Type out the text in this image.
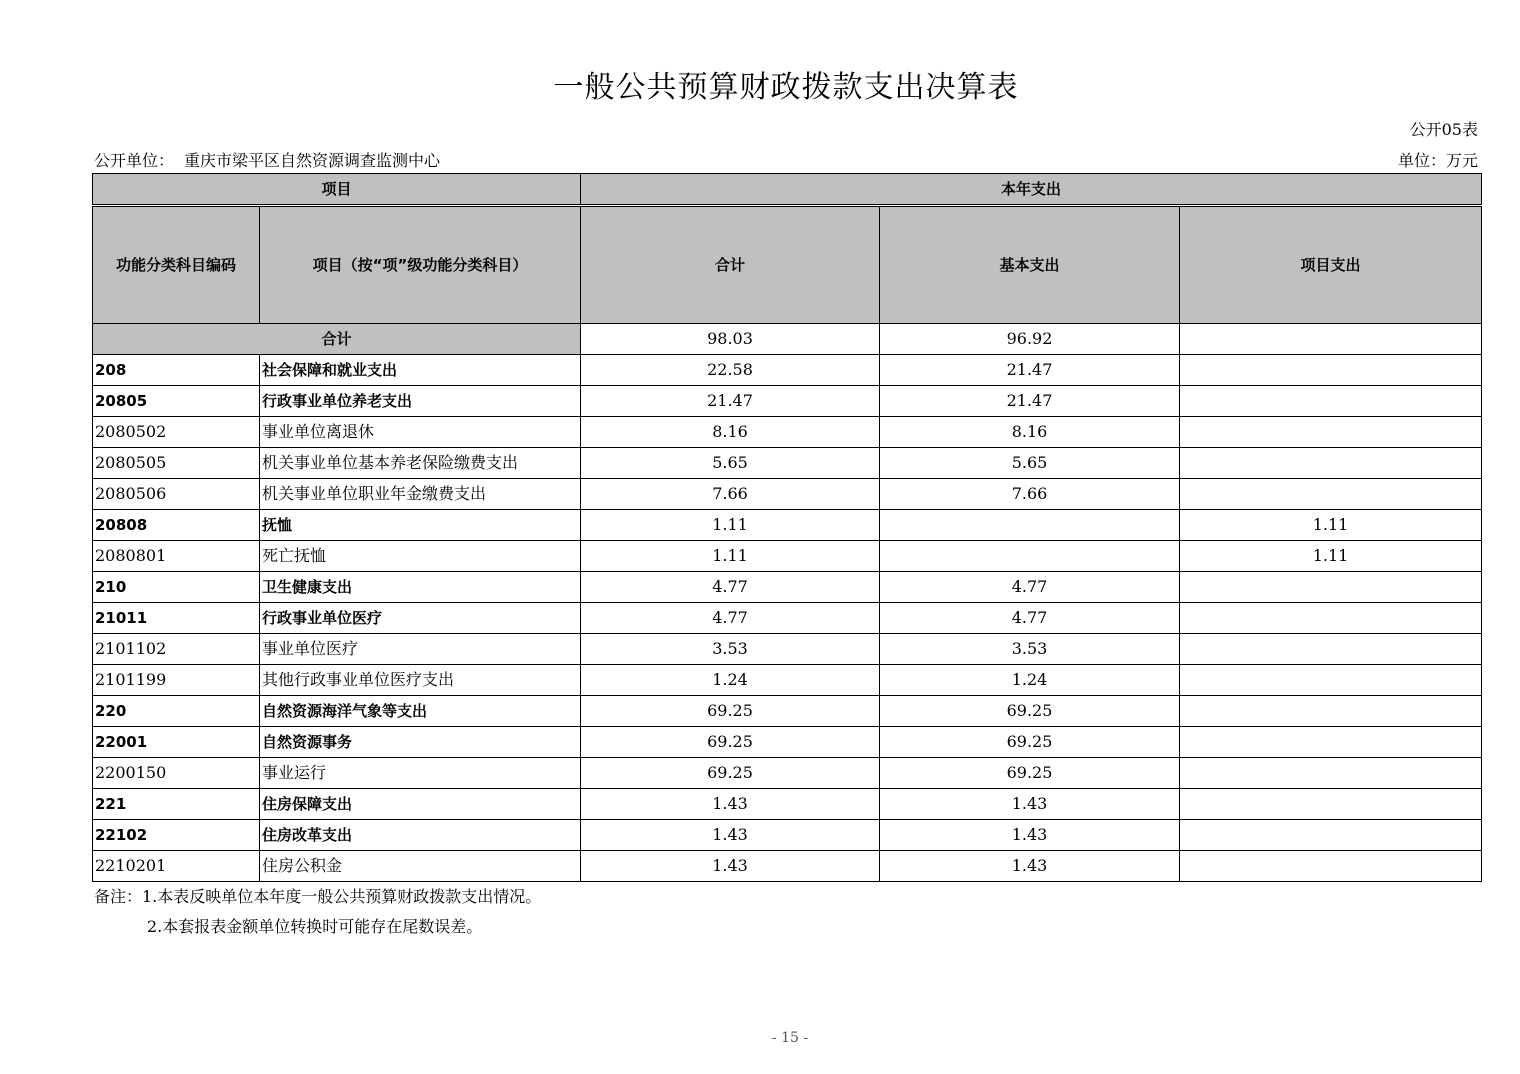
一般公共预算财政拨款支出决算表
公开05表
公开单位： 重庆市梁平区自然资源调查监测中心	单位：万元
项目		本年支出		
功能分类科目编码	项目（按“项”级功能分类科目）	合计	基本支出	项目支出
合计		98.03	96.92	
208	社会保障和就业支出	22.58	21.47	
20805	行政事业单位养老支出	21.47	21.47	
2080502	事业单位离退休	8.16	8.16	
2080505	机关事业单位基本养老保险缴费支出	5.65	5.65	
2080506	机关事业单位职业年金缴费支出	7.66	7.66	
20808	抚恤	1.11		1.11
2080801	死亡抚恤	1.11		1.11
210	卫生健康支出	4.77	4.77	
21011	行政事业单位医疗	4.77	4.77	
2101102	事业单位医疗	3.53	3.53	
2101199	其他行政事业单位医疗支出	1.24	1.24	
220	自然资源海洋气象等支出	69.25	69.25	
22001	自然资源事务	69.25	69.25	
2200150	事业运行	69.25	69.25	
221	住房保障支出	1.43	1.43	
22102	住房改革支出	1.43	1.43	
2210201	住房公积金	1.43	1.43	
备注：1.本表反映单位本年度一般公共预算财政拨款支出情况。
2.本套报表金额单位转换时可能存在尾数误差。
- 15 -
